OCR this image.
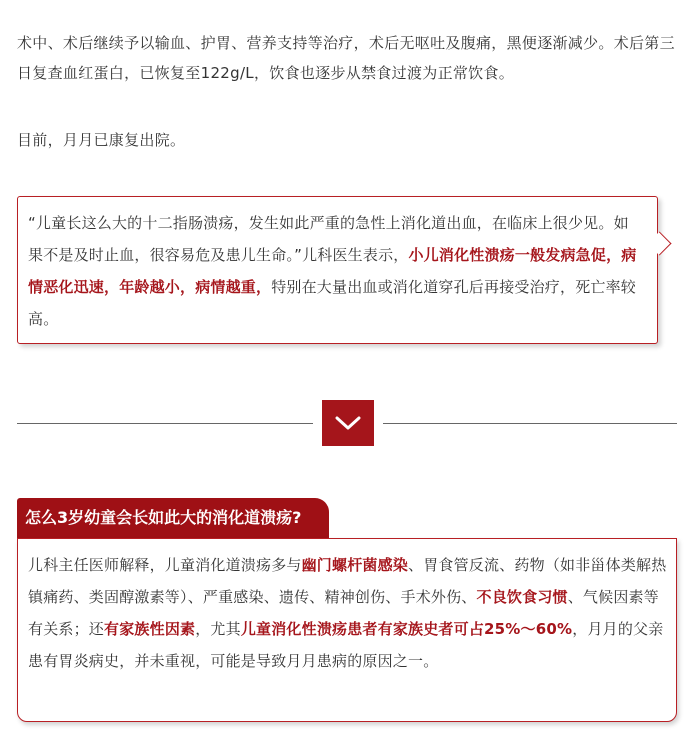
术中、术后继续予以输血、护胃、营养支持等治疗，术后无呕吐及腹痛，黑便逐渐减少。术后第三日复查血红蛋白，已恢复至122g/L，饮食也逐步从禁食过渡为正常饮食。

目前，月月已康复出院。

“儿童长这么大的十二指肠溃疡，发生如此严重的急性上消化道出血，在临床上很少见。如果不是及时止血，很容易危及患儿生命。”儿科医生表示，小儿消化性溃疡一般发病急促，病情恶化迅速，年龄越小，病情越重，特别在大量出血或消化道穿孔后再接受治疗，死亡率较高。
怎么3岁幼童会长如此大的消化道溃疡?
儿科主任医师解释，儿童消化道溃疡多与幽门螺杆菌感染、胃食管反流、药物（如非甾体类解热镇痛药、类固醇激素等）、严重感染、遗传、精神创伤、手术外伤、不良饮食习惯、气候因素等有关系；还有家族性因素，尤其儿童消化性溃疡患者有家族史者可占25%～60%，月月的父亲患有胃炎病史，并未重视，可能是导致月月患病的原因之一。
